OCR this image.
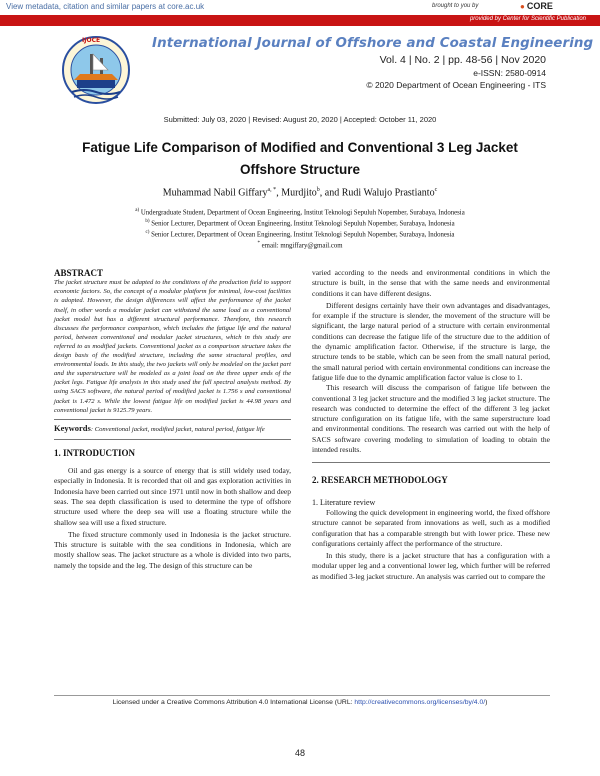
View metadata, citation and similar papers at core.ac.uk	brought to you by	● CORE
provided by Center for Scientific Publication
IJOCE	International Journal of Offshore and Coastal Engineering
Vol. 4 | No. 2 | pp. 48-56 | Nov 2020
e-ISSN: 2580-0914
© 2020 Department of Ocean Engineering - ITS
Submitted: July 03, 2020 | Revised: August 20, 2020 | Accepted: October 11, 2020
Fatigue Life Comparison of Modified and Conventional 3 Leg Jacket Offshore Structure
Muhammad Nabil Giffary$^{a, *}$, Murdjito$^b$, and Rudi Walujo Prastianto$^c$
$^{a)}$ Undergraduate Student, Department of Ocean Engineering, Institut Teknologi Sepuluh Nopember, Surabaya, Indonesia
$^{b)}$ Senior Lecturer, Department of Ocean Engineering, Institut Teknologi Sepuluh Nopember, Surabaya, Indonesia
$^{c)}$ Senior Lecturer, Department of Ocean Engineering, Institut Teknologi Sepuluh Nopember, Surabaya, Indonesia
* email: mngiffary@gmail.com
ABSTRACT

The jacket structure must be adapted to the conditions of the production field to support economic factors. So, the concept of a modular platform for minimal, low-cost facilities is adopted. However, the design differences will affect the performance of the jacket itself, in other words a modular jacket can withstand the same load as a conventional jacket model but has a different structural performance. Therefore, this research discusses the performance comparison, which includes the fatigue life and the natural period, between conventional and modular jacket structures, which in this study are referred to as modified jackets. Conventional jacket as a comparison structure takes the design basis of the modified structure, including the same structural profiles, and environmental loads. In this study, the two jackets will only be modeled on the jacket part and the superstructure will be modeled as a joint load on the three upper ends of the jacket legs. Fatigue life analysis in this study used the full spectral analysis method. By using SACS software, the natural period of modified jacket is 1.756 s and conventional jacket is 1.472 s. While the lowest fatigue life on modified jacket is 44.98 years and conventional jacket is 9125.79 years.

Keywords: Conventional jacket, modified jacket, natural period, fatigue life

1. INTRODUCTION

Oil and gas energy is a source of energy that is still widely used today, especially in Indonesia. It is recorded that oil and gas exploration activities in Indonesia have been carried out since 1971 until now in both shallow and deep seas. The sea depth classification is used to determine the type of offshore structure used where the deep sea will use a floating structure while the shallow sea will use a fixed structure.

The fixed structure commonly used in Indonesia is the jacket structure. This structure is suitable with the sea conditions in Indonesia, which are mostly shallow seas. The jacket structure as a whole is divided into two parts, namely the topside and the leg. The design of this structure can be

varied according to the needs and environmental conditions in which the structure is built, in the sense that with the same needs and environmental conditions it can have different designs.

Different designs certainly have their own advantages and disadvantages, for example if the structure is slender, the movement of the structure will be significant, the large natural period of a structure with certain environmental conditions can decrease the fatigue life of the structure due to the addition of the dynamic amplification factor. Otherwise, if the structure is large, the structure tends to be stable, which can be seen from the small natural period, the small natural period with certain environmental conditions can increase the fatigue life due to the dynamic amplification factor value is close to 1.

This research will discuss the comparison of fatigue life between the conventional 3 leg jacket structure and the modified 3 leg jacket structure. The research was conducted to determine the effect of the different 3 leg jacket structure configuration on its fatigue life, with the same superstructure load and environmental conditions. The research was carried out with the help of SACS software covering modeling to simulation of loading to obtain the intended results.

2. RESEARCH METHODOLOGY

1. Literature review

Following the quick development in engineering world, the fixed offshore structure cannot be separated from innovations as well, such as a modified configuration that has a comparable strength but with lower price. These new configurations certainly affect the performance of the structure.

In this study, there is a jacket structure that has a configuration with a modular upper leg and a conventional lower leg, which further will be referred as modified 3-leg jacket structure. An analysis was carried out to compare the

Licensed under a Creative Commons Attribution 4.0 International License (URL: http://creativecommons.org/licenses/by/4.0/)
48
